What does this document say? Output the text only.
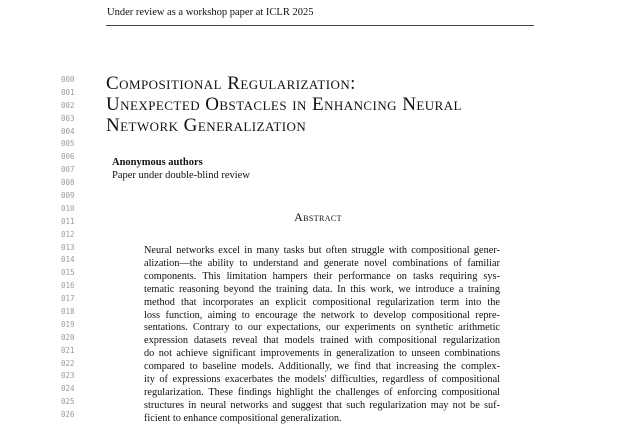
Under review as a workshop paper at ICLR 2025
000
001
002
003
004
005
006
007
008
009
010
011
012
013
014
015
016
017
018
019
020
021
022
023
024
025
026
Compositional Regularization:
Unexpected Obstacles in Enhancing Neural
Network Generalization
Anonymous authors
Paper under double-blind review
Abstract
Neural networks excel in many tasks but often struggle with compositional gener-
alization—the ability to understand and generate novel combinations of familiar
components. This limitation hampers their performance on tasks requiring sys-
tematic reasoning beyond the training data. In this work, we introduce a training
method that incorporates an explicit compositional regularization term into the
loss function, aiming to encourage the network to develop compositional repre-
sentations. Contrary to our expectations, our experiments on synthetic arithmetic
expression datasets reveal that models trained with compositional regularization
do not achieve significant improvements in generalization to unseen combinations
compared to baseline models. Additionally, we find that increasing the complex-
ity of expressions exacerbates the models' difficulties, regardless of compositional
regularization. These findings highlight the challenges of enforcing compositional
structures in neural networks and suggest that such regularization may not be suf-
ficient to enhance compositional generalization.
